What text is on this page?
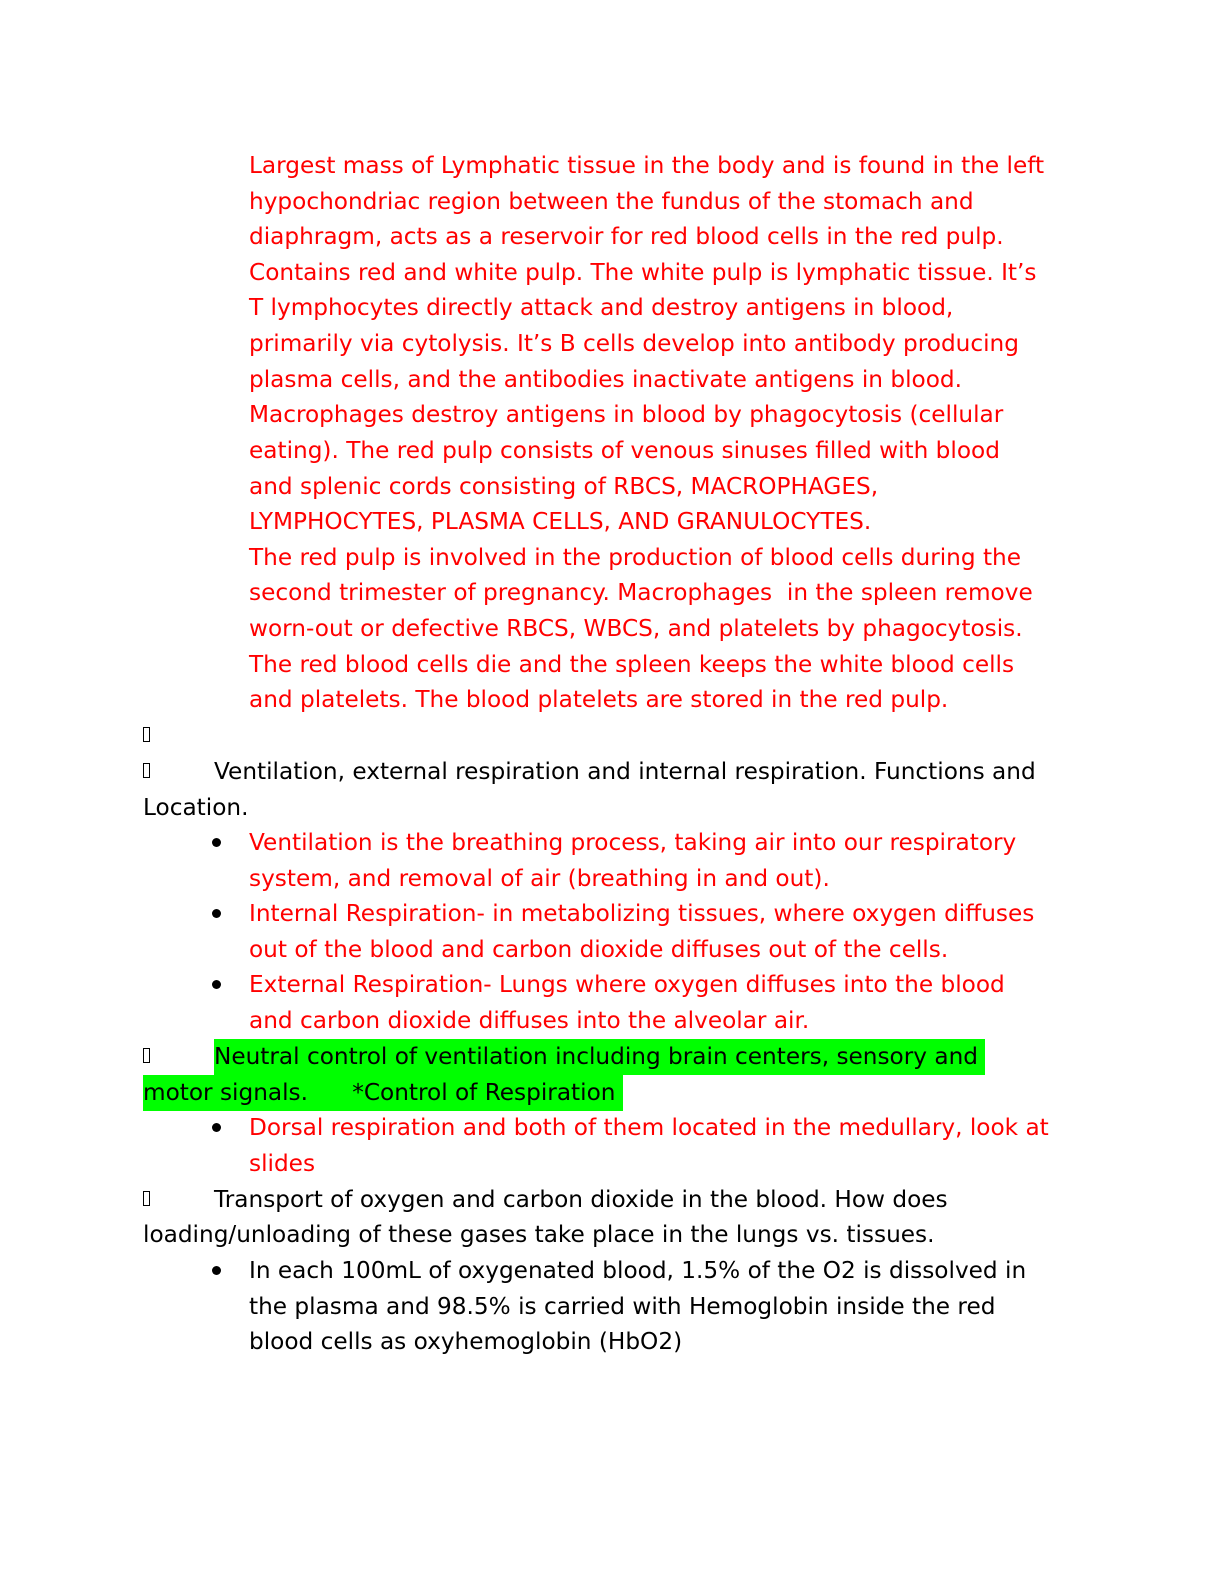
Largest mass of Lymphatic tissue in the body and is found in the left
hypochondriac region between the fundus of the stomach and
diaphragm, acts as a reservoir for red blood cells in the red pulp.
Contains red and white pulp. The white pulp is lymphatic tissue. It’s
T lymphocytes directly attack and destroy antigens in blood,
primarily via cytolysis. It’s B cells develop into antibody producing
plasma cells, and the antibodies inactivate antigens in blood.
Macrophages destroy antigens in blood by phagocytosis (cellular
eating). The red pulp consists of venous sinuses filled with blood
and splenic cords consisting of RBCS, MACROPHAGES,
LYMPHOCYTES, PLASMA CELLS, AND GRANULOCYTES.
The red pulp is involved in the production of blood cells during the
second trimester of pregnancy. Macrophages  in the spleen remove
worn-out or defective RBCS, WBCS, and platelets by phagocytosis.
The red blood cells die and the spleen keeps the white blood cells
and platelets. The blood platelets are stored in the red pulp.
Ventilation, external respiration and internal respiration. Functions and
Location.
Ventilation is the breathing process, taking air into our respiratory
system, and removal of air (breathing in and out).
Internal Respiration- in metabolizing tissues, where oxygen diffuses
out of the blood and carbon dioxide diffuses out of the cells.
External Respiration- Lungs where oxygen diffuses into the blood
and carbon dioxide diffuses into the alveolar air.
Neutral control of ventilation including brain centers, sensory and
motor signals.      *Control of Respiration
Dorsal respiration and both of them located in the medullary, look at
slides
Transport of oxygen and carbon dioxide in the blood. How does
loading/unloading of these gases take place in the lungs vs. tissues.
In each 100mL of oxygenated blood, 1.5% of the O2 is dissolved in
the plasma and 98.5% is carried with Hemoglobin inside the red
blood cells as oxyhemoglobin (HbO2)
